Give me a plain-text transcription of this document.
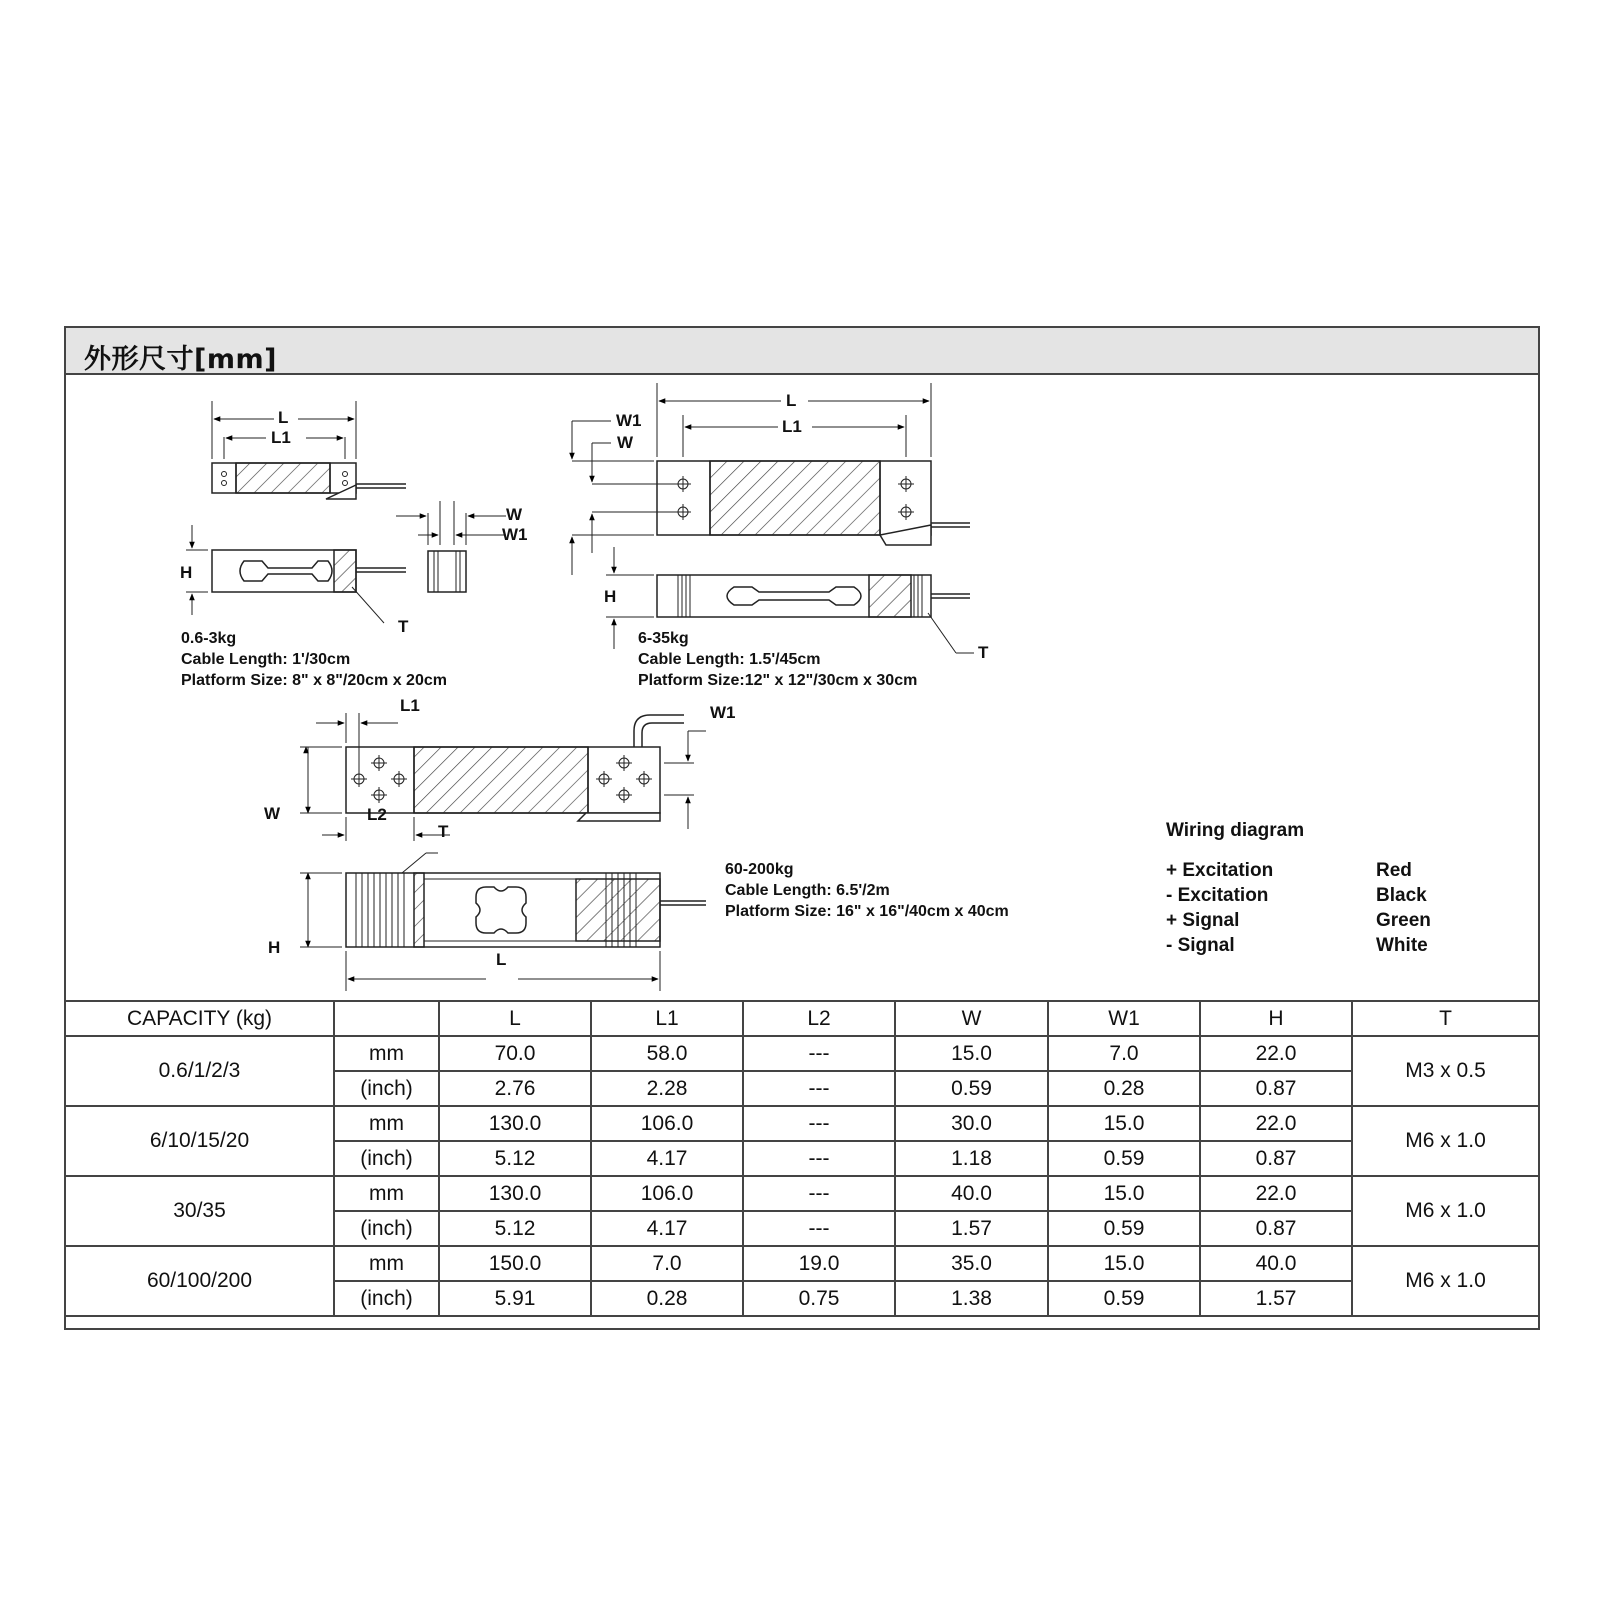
外形尺寸[mm]
L
L1
H
T
W
W1
L
L1
W1
W
H
T
L1	W1
W	L2
T
H
L
0.6-3kg
Cable Length: 1'/30cm
Platform Size: 8" x 8"/20cm x 20cm
6-35kg
Cable Length: 1.5'/45cm
Platform Size:12" x 12"/30cm x 30cm
60-200kg
Cable Length: 6.5'/2m
Platform Size: 16" x 16"/40cm x 40cm
Wiring diagram
+ Excitation	Red
- Excitation	Black
+ Signal	Green
- Signal	White
CAPACITY (kg)		L	L1	L2	W	W1	H	T
0.6/1/2/3	mm	70.0	58.0	---	15.0	7.0	22.0	M3 x 0.5
	(inch)	2.76	2.28	---	0.59	0.28	0.87	
6/10/15/20	mm	130.0	106.0	---	30.0	15.0	22.0	M6 x 1.0
	(inch)	5.12	4.17	---	1.18	0.59	0.87	
30/35	mm	130.0	106.0	---	40.0	15.0	22.0	M6 x 1.0
	(inch)	5.12	4.17	---	1.57	0.59	0.87	
60/100/200	mm	150.0	7.0	19.0	35.0	15.0	40.0	M6 x 1.0
	(inch)	5.91	0.28	0.75	1.38	0.59	1.57	
